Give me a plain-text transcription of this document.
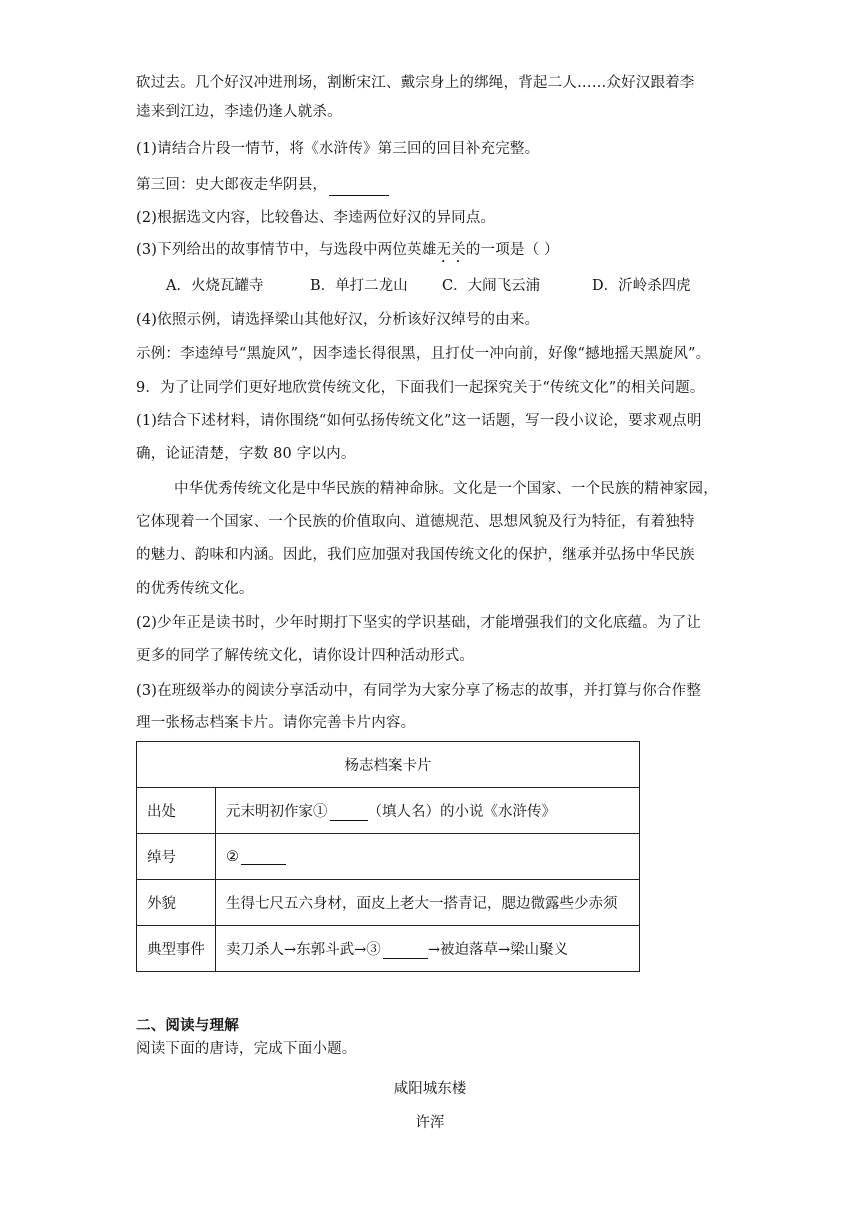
砍过去。几个好汉冲进刑场，割断宋江、戴宗身上的绑绳，背起二人……众好汉跟着李
逵来到江边，李逵仍逢人就杀。
(1)请结合片段一情节，将《水浒传》第三回的回目补充完整。
第三回：史大郎夜走华阴县，
(2)根据选文内容，比较鲁达、李逵两位好汉的异同点。
(3)下列给出的故事情节中，与选段中两位英雄无关的一项是（ ）
A．火烧瓦罐寺	B．单打二龙山 C．大闹飞云浦	D．沂岭杀四虎
(4)依照示例，请选择梁山其他好汉，分析该好汉绰号的由来。
示例：李逵绰号“黑旋风”，因李逵长得很黑，且打仗一冲向前，好像“撼地摇天黑旋风”。
9．为了让同学们更好地欣赏传统文化，下面我们一起探究关于“传统文化”的相关问题。
(1)结合下述材料，请你围绕“如何弘扬传统文化”这一话题，写一段小议论，要求观点明
确，论证清楚，字数 80 字以内。
中华优秀传统文化是中华民族的精神命脉。文化是一个国家、一个民族的精神家园，
它体现着一个国家、一个民族的价值取向、道德规范、思想风貌及行为特征，有着独特
的魅力、韵味和内涵。因此，我们应加强对我国传统文化的保护，继承并弘扬中华民族
的优秀传统文化。
(2)少年正是读书时，少年时期打下坚实的学识基础，才能增强我们的文化底蕴。为了让
更多的同学了解传统文化，请你设计四种活动形式。
(3)在班级举办的阅读分享活动中，有同学为大家分享了杨志的故事，并打算与你合作整
理一张杨志档案卡片。请你完善卡片内容。
杨志档案卡片	
出处	元末明初作家① （填人名）的小说《水浒传》
绰号	②
外貌	生得七尺五六身材，面皮上老大一搭青记，腮边微露些少赤须
典型事件	卖刀杀人→东郭斗武→③ →被迫落草→梁山聚义
二、阅读与理解
阅读下面的唐诗，完成下面小题。
咸阳城东楼
许浑
